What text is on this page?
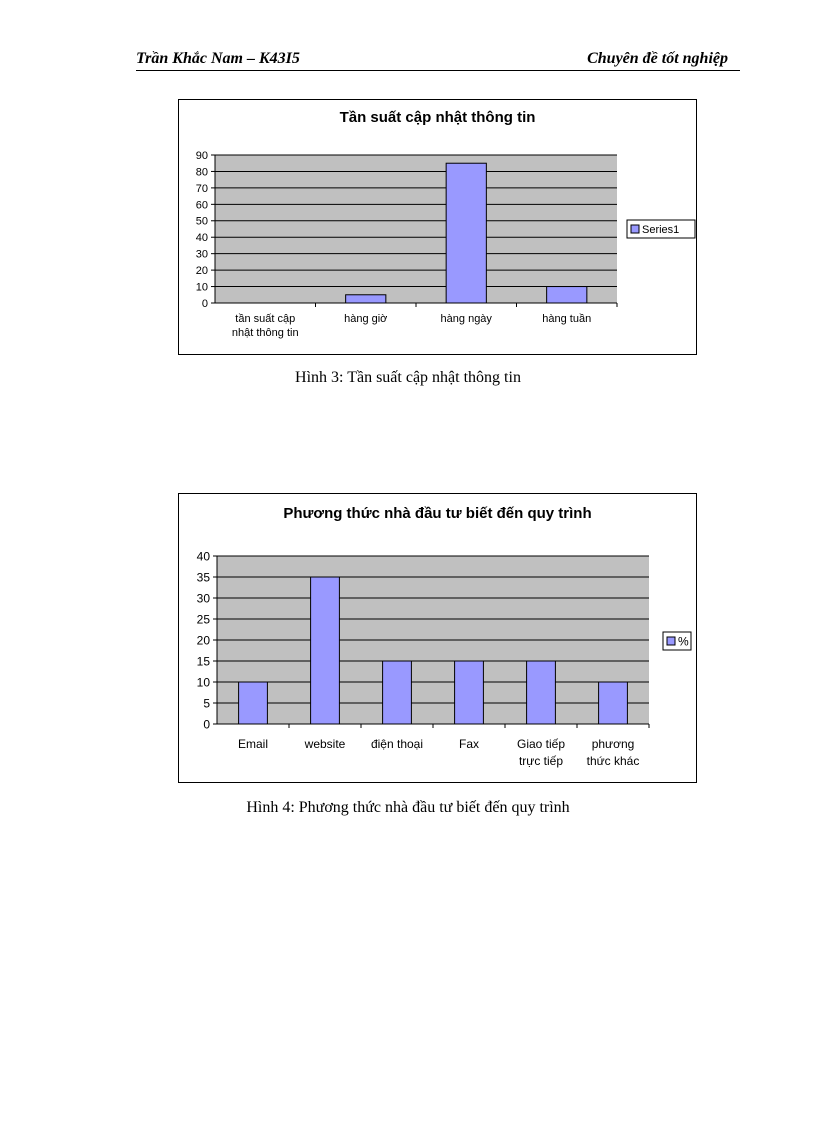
Trần Khắc Nam – K43I5	Chuyên đề tốt nghiệp
Tần suất cập nhật thông tin
0
10
20
30
40
50
60
70
80
90
tần suất cập nhật thông tin
hàng giờ	hàng ngày	hàng tuần
Series1
Hình 3: Tần suất cập nhật thông tin
Phương thức nhà đầu tư biết đến quy trình
0
5
10
15
20
25
30
35
40
Email	website điện thoại	Fax	Giao tiếp trực tiếp
phương thức khác
%
Hình 4: Phương thức nhà đầu tư biết đến quy trình
